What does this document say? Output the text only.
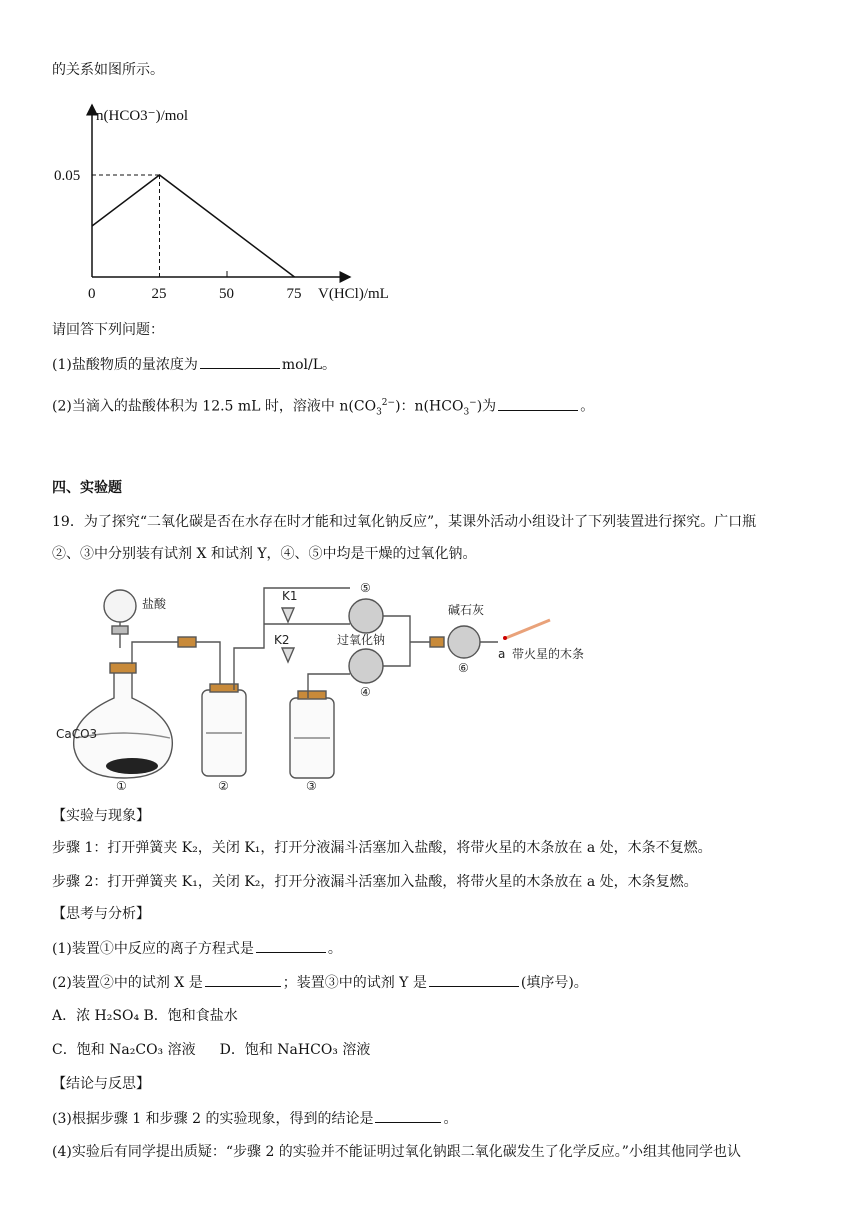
的关系如图所示。
0	25	50	75
0.05
n(HCO3⁻)/mol
V(HCl)/mL
请回答下列问题：
(1)盐酸物质的量浓度为	mol/L。
(2)当滴入的盐酸体积为 12.5 mL 时，溶液中 $n(CO_3^{2-})$：$n(HCO_3^-)$为	。
四、实验题
19．为了探究“二氧化碳是否在水存在时才能和过氧化钠反应”，某课外活动小组设计了下列装置进行探究。广口瓶
②、③中分别装有试剂 X 和试剂 Y，④、⑤中均是干燥的过氧化钠。
盐酸
CaCO3
K1
K2	过氧化钠
碱石灰
a 带火星的木条
①	②	③
④
⑤
⑥
【实验与现象】
步骤 1：打开弹簧夹 K₂，关闭 K₁，打开分液漏斗活塞加入盐酸，将带火星的木条放在 a 处，木条不复燃。
步骤 2：打开弹簧夹 K₁，关闭 K₂，打开分液漏斗活塞加入盐酸，将带火星的木条放在 a 处，木条复燃。
【思考与分析】
(1)装置①中反应的离子方程式是	。
(2)装置②中的试剂 X 是	；装置③中的试剂 Y 是	(填序号)。
A．浓 H₂SO₄ B．饱和食盐水
C．饱和 Na₂CO₃ 溶液 D．饱和 NaHCO₃ 溶液
【结论与反思】
(3)根据步骤 1 和步骤 2 的实验现象，得到的结论是	。
(4)实验后有同学提出质疑：“步骤 2 的实验并不能证明过氧化钠跟二氧化碳发生了化学反应。”小组其他同学也认
